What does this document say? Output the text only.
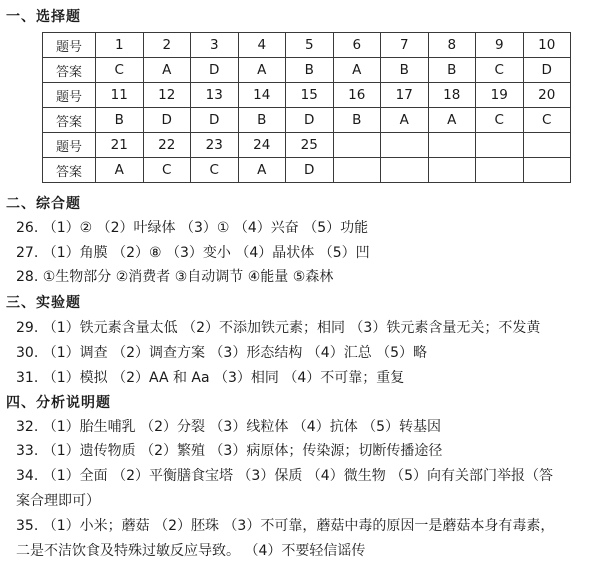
一、选择题
题号	1	2	3	4	5	6	7	8	9	10
答案	C	A	D	A	B	A	B	B	C	D
题号	11	12	13	14	15	16	17	18	19	20
答案	B	D	D	B	D	B	A	A	C	C
题号	21	22	23	24	25					
答案	A	C	C	A	D					
二、综合题
三、实验题
四、分析说明题
26. （1）② （2）叶绿体 （3）① （4）兴奋 （5）功能
27. （1）角膜 （2）⑧ （3）变小 （4）晶状体 （5）凹
28. ①生物部分 ②消费者 ③自动调节 ④能量 ⑤森林
29. （1）铁元素含量太低 （2）不添加铁元素；相同 （3）铁元素含量无关；不发黄
30. （1）调查 （2）调查方案 （3）形态结构 （4）汇总 （5）略
31. （1）模拟 （2）AA 和 Aa （3）相同 （4）不可靠；重复
32. （1）胎生哺乳 （2）分裂 （3）线粒体 （4）抗体 （5）转基因
33. （1）遗传物质 （2）繁殖 （3）病原体；传染源；切断传播途径
34. （1）全面 （2）平衡膳食宝塔 （3）保质 （4）微生物 （5）向有关部门举报（答
案合理即可）
35. （1）小米；蘑菇 （2）胚珠 （3）不可靠，蘑菇中毒的原因一是蘑菇本身有毒素，
二是不洁饮食及特殊过敏反应导致。 （4）不要轻信谣传
